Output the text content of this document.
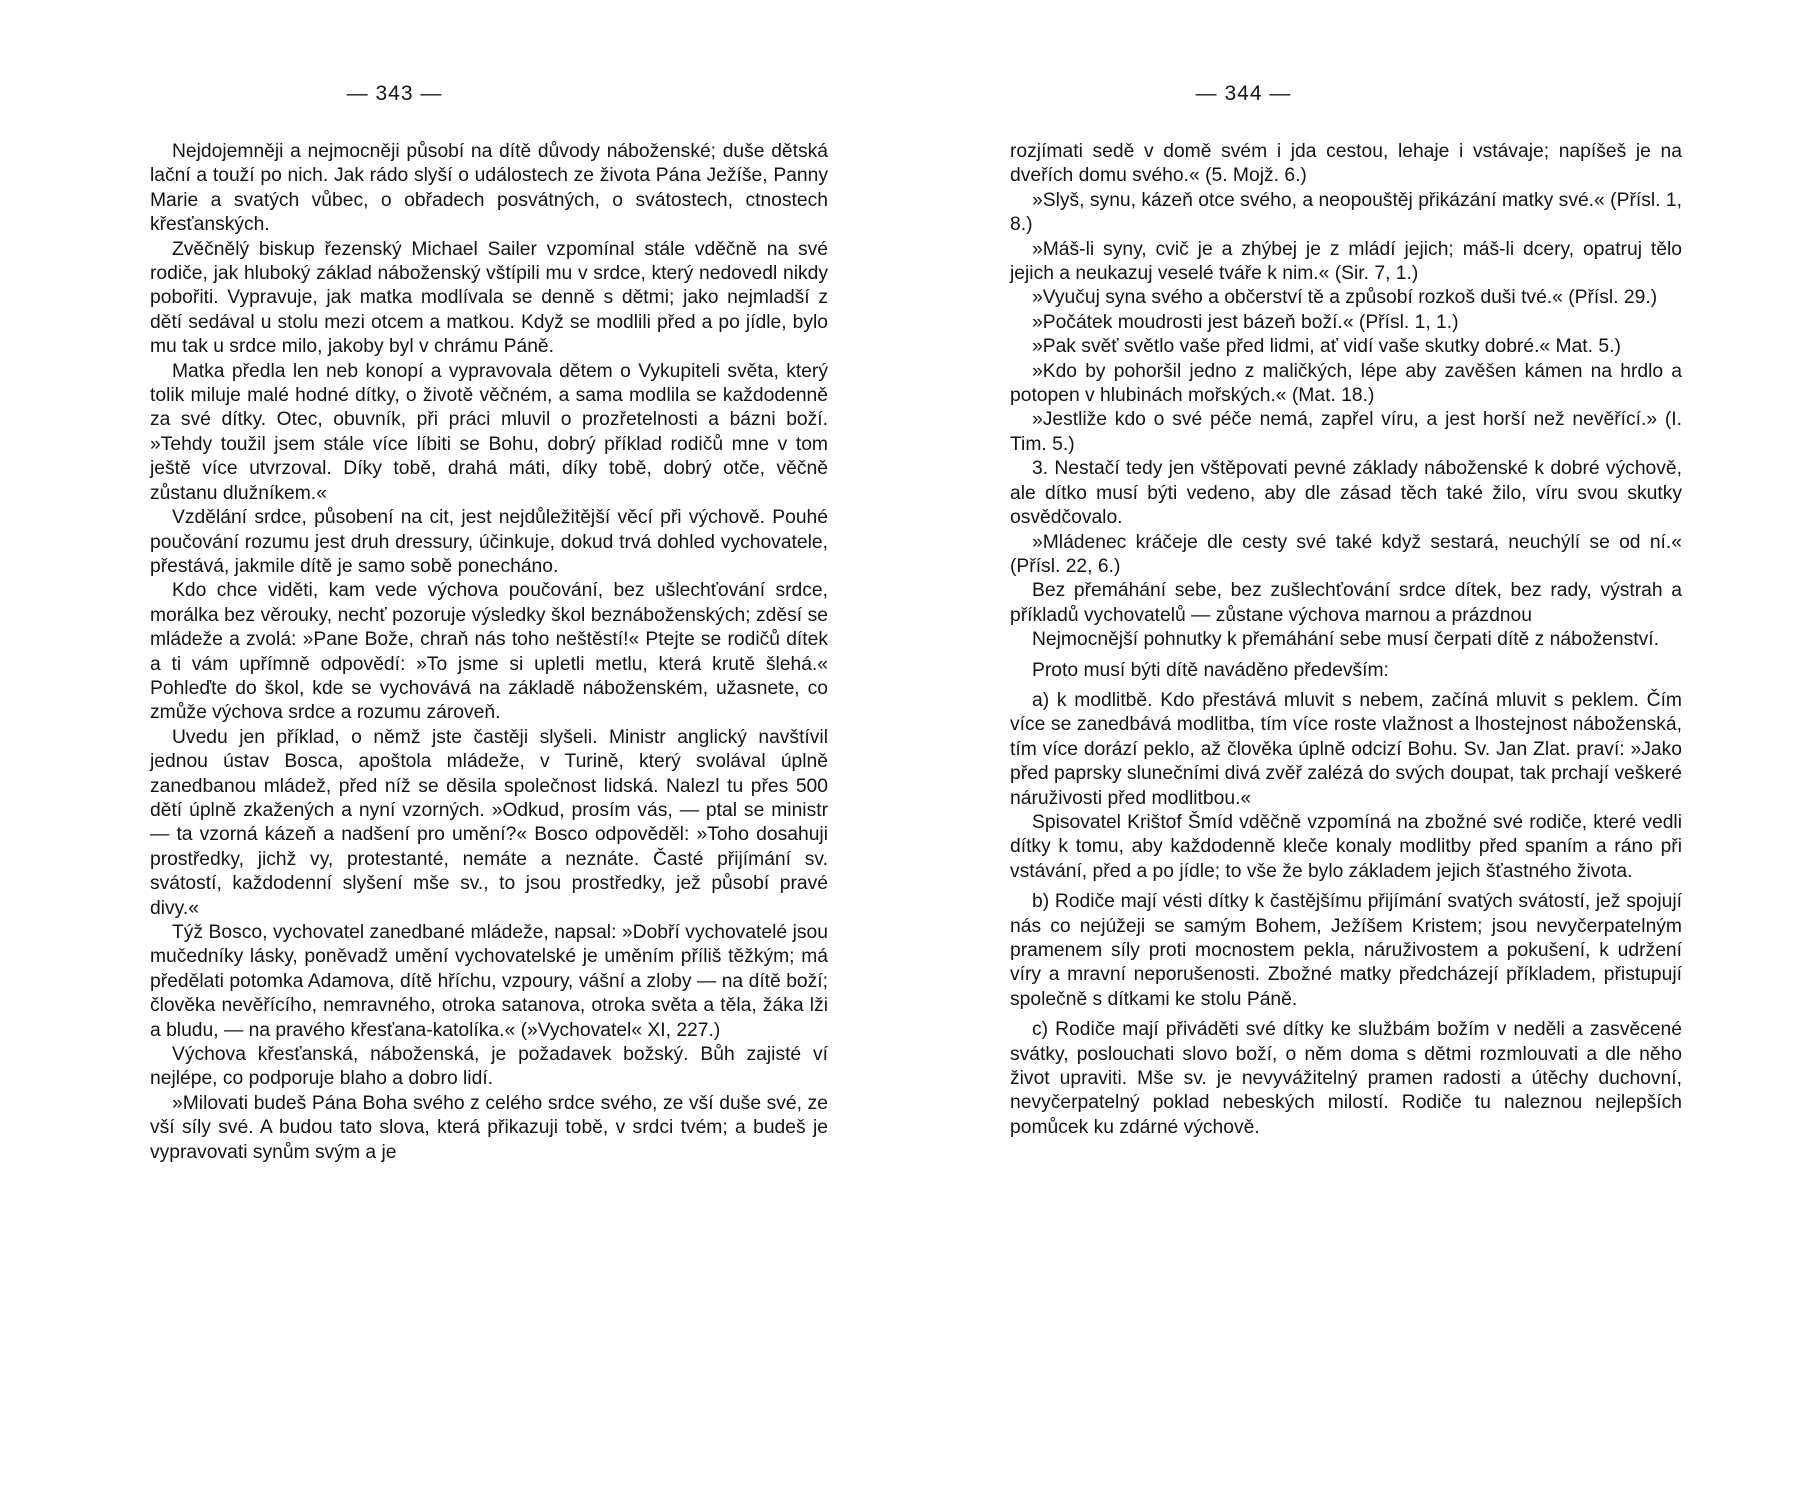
— 343 —

Nejdojemněji a nejmocněji působí na dítě důvody náboženské; duše dětská lační a touží po nich. Jak rádo slyší o událostech ze života Pána Ježíše, Panny Marie a svatých vůbec, o obřadech posvátných, o svátostech, ctnostech křesťanských.

Zvěčnělý biskup řezenský Michael Sailer vzpomínal stále vděčně na své rodiče, jak hluboký základ náboženský vštípili mu v srdce, který nedovedl nikdy pobořiti. Vypravuje, jak matka modlívala se denně s dětmi; jako nejmladší z dětí sedával u stolu mezi otcem a matkou. Když se modlili před a po jídle, bylo mu tak u srdce milo, jakoby byl v chrámu Páně.

Matka předla len neb konopí a vypravovala dětem o Vykupiteli světa, který tolik miluje malé hodné dítky, o životě věčném, a sama modlila se každodenně za své dítky. Otec, obuvník, při práci mluvil o prozřetelnosti a bázni boží. »Tehdy toužil jsem stále více líbiti se Bohu, dobrý příklad rodičů mne v tom ještě více utvrzoval. Díky tobě, drahá máti, díky tobě, dobrý otče, věčně zůstanu dlužníkem.«

Vzdělání srdce, působení na cit, jest nejdůležitější věcí při výchově. Pouhé poučování rozumu jest druh dressury, účinkuje, dokud trvá dohled vychovatele, přestává, jakmile dítě je samo sobě ponecháno.

Kdo chce viděti, kam vede výchova poučování, bez ušlechťování srdce, morálka bez věrouky, nechť pozoruje výsledky škol beznáboženských; zděsí se mládeže a zvolá: »Pane Bože, chraň nás toho neštěstí!« Ptejte se rodičů dítek a ti vám upřímně odpovědí: »To jsme si upletli metlu, která krutě šlehá.« Pohleďte do škol, kde se vychovává na základě náboženském, užasnete, co zmůže výchova srdce a rozumu zároveň.

Uvedu jen příklad, o němž jste častěji slyšeli. Ministr anglický navštívil jednou ústav Bosca, apoštola mládeže, v Turině, který svolával úplně zanedbanou mládež, před níž se děsila společnost lidská. Nalezl tu přes 500 dětí úplně zkažených a nyní vzorných. »Odkud, prosím vás, — ptal se ministr — ta vzorná kázeň a nadšení pro umění?« Bosco odpověděl: »Toho dosahuji prostředky, jichž vy, protestanté, nemáte a neznáte. Časté přijímání sv. svátostí, každodenní slyšení mše sv., to jsou prostředky, jež působí pravé divy.«

Týž Bosco, vychovatel zanedbané mládeže, napsal: »Dobří vychovatelé jsou mučedníky lásky, poněvadž umění vychovatelské je uměním příliš těžkým; má předělati potomka Adamova, dítě hříchu, vzpoury, vášní a zloby — na dítě boží; člověka nevěřícího, nemravného, otroka satanova, otroka světa a těla, žáka lži a bludu, — na pravého křesťana-katolíka.« (»Vychovatel« XI, 227.)

Výchova křesťanská, náboženská, je požadavek božský. Bůh zajisté ví nejlépe, co podporuje blaho a dobro lidí.

»Milovati budeš Pána Boha svého z celého srdce svého, ze vší duše své, ze vší síly své. A budou tato slova, která přikazuji tobě, v srdci tvém; a budeš je vypravovati synům svým a je

— 344 —

rozjímati sedě v domě svém i jda cestou, lehaje i vstávaje; napíšeš je na dveřích domu svého.« (5. Mojž. 6.)

»Slyš, synu, kázeň otce svého, a neopouštěj přikázání matky své.« (Přísl. 1, 8.)

»Máš-li syny, cvič je a zhýbej je z mládí jejich; máš-li dcery, opatruj tělo jejich a neukazuj veselé tváře k nim.« (Sir. 7, 1.)

»Vyučuj syna svého a občerství tě a způsobí rozkoš duši tvé.« (Přísl. 29.)

»Počátek moudrosti jest bázeň boží.« (Přísl. 1, 1.)

»Pak svěť světlo vaše před lidmi, ať vidí vaše skutky dobré.« Mat. 5.)

»Kdo by pohoršil jedno z maličkých, lépe aby zavěšen kámen na hrdlo a potopen v hlubinách mořských.« (Mat. 18.)

»Jestliže kdo o své péče nemá, zapřel víru, a jest horší než nevěřící.» (I. Tim. 5.)

3. Nestačí tedy jen vštěpovati pevné základy náboženské k dobré výchově, ale dítko musí býti vedeno, aby dle zásad těch také žilo, víru svou skutky osvědčovalo.

»Mládenec kráčeje dle cesty své také když sestará, neuchýlí se od ní.« (Přísl. 22, 6.)

Bez přemáhání sebe, bez zušlechťování srdce dítek, bez rady, výstrah a příkladů vychovatelů — zůstane výchova marnou a prázdnou

Nejmocnější pohnutky k přemáhání sebe musí čerpati dítě z náboženství.

Proto musí býti dítě naváděno především:

a) k modlitbě. Kdo přestává mluvit s nebem, začíná mluvit s peklem. Čím více se zanedbává modlitba, tím více roste vlažnost a lhostejnost náboženská, tím více dorází peklo, až člověka úplně odcizí Bohu. Sv. Jan Zlat. praví: »Jako před paprsky slunečními divá zvěř zalézá do svých doupat, tak prchají veškeré náruživosti před modlitbou.«

Spisovatel Krištof Šmíd vděčně vzpomíná na zbožné své rodiče, které vedli dítky k tomu, aby každodenně kleče konaly modlitby před spaním a ráno při vstávání, před a po jídle; to vše že bylo základem jejich šťastného života.

b) Rodiče mají vésti dítky k častějšímu přijímání svatých svátostí, jež spojují nás co nejúžeji se samým Bohem, Ježíšem Kristem; jsou nevyčerpatelným pramenem síly proti mocnostem pekla, náruživostem a pokušení, k udržení víry a mravní neporušenosti. Zbožné matky předcházejí příkladem, přistupují společně s dítkami ke stolu Páně.

c) Rodiče mají přiváděti své dítky ke službám božím v neděli a zasvěcené svátky, poslouchati slovo boží, o něm doma s dětmi rozmlouvati a dle něho život upraviti. Mše sv. je nevyvážitelný pramen radosti a útěchy duchovní, nevyčerpatelný poklad nebeských milostí. Rodiče tu naleznou nejlepších pomůcek ku zdárné výchově.
